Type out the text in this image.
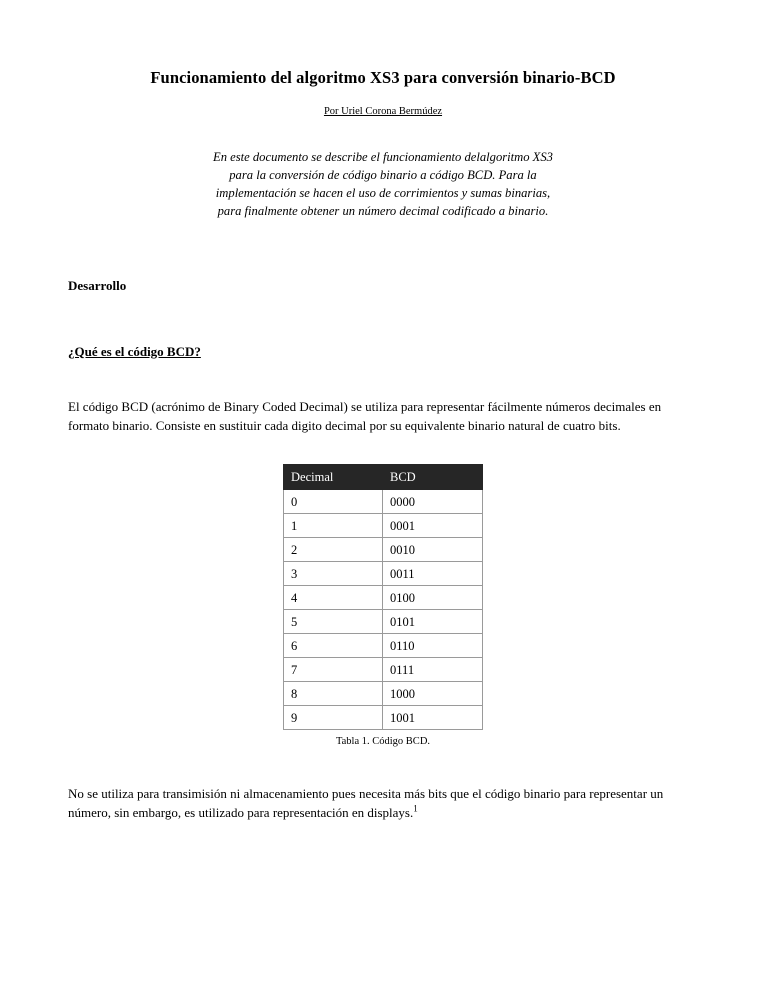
Funcionamiento del algoritmo XS3 para conversión binario-BCD

Por Uriel Corona Bermúdez

En este documento se describe el funcionamiento delalgoritmo XS3 para la conversión de código binario a código BCD. Para la implementación se hacen el uso de corrimientos y sumas binarias, para finalmente obtener un número decimal codificado a binario.

Desarrollo
¿Qué es el código BCD?

El código BCD (acrónimo de Binary Coded Decimal) se utiliza para representar fácilmente números decimales en formato binario. Consiste en sustituir cada digito decimal por su equivalente binario natural de cuatro bits.

Decimal	BCD
0	0000
1	0001
2	0010
3	0011
4	0100
5	0101
6	0110
7	0111
8	1000
9	1001
Tabla 1. Código BCD.

No se utiliza para transimisión ni almacenamiento pues necesita más bits que el código binario para representar un número, sin embargo, es utilizado para representación en displays.$^1$
